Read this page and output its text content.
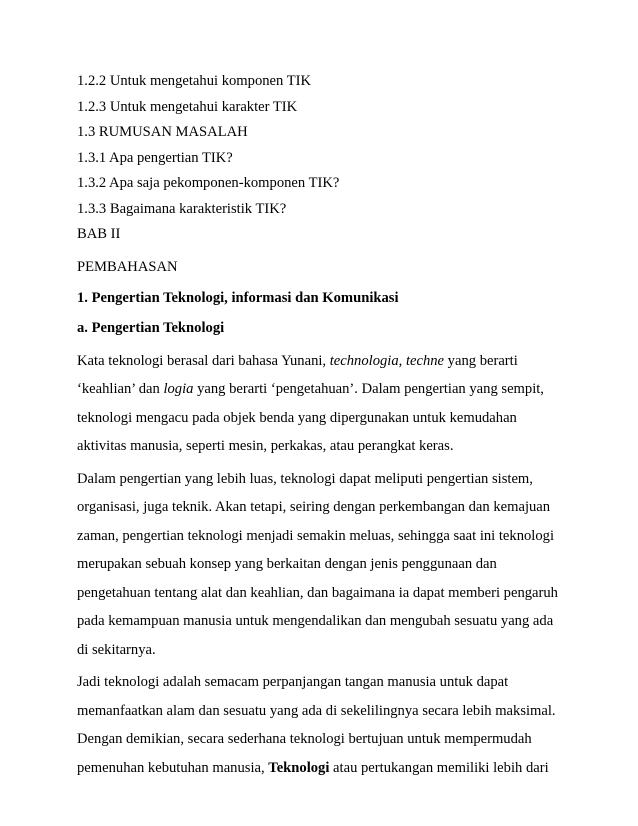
1.2.2 Untuk mengetahui komponen TIK
1.2.3 Untuk mengetahui karakter TIK
1.3 RUMUSAN MASALAH
1.3.1 Apa pengertian TIK?
1.3.2 Apa saja pekomponen-komponen TIK?
1.3.3 Bagaimana karakteristik TIK?
BAB II
PEMBAHASAN
1. Pengertian Teknologi, informasi dan Komunikasi
a. Pengertian Teknologi
Kata teknologi berasal dari bahasa Yunani, technologia, techne yang berarti
‘keahlian’ dan logia yang berarti ‘pengetahuan’. Dalam pengertian yang sempit,
teknologi mengacu pada objek benda yang dipergunakan untuk kemudahan
aktivitas manusia, seperti mesin, perkakas, atau perangkat keras.
Dalam pengertian yang lebih luas, teknologi dapat meliputi pengertian sistem,
organisasi, juga teknik. Akan tetapi, seiring dengan perkembangan dan kemajuan
zaman, pengertian teknologi menjadi semakin meluas, sehingga saat ini teknologi
merupakan sebuah konsep yang berkaitan dengan jenis penggunaan dan
pengetahuan tentang alat dan keahlian, dan bagaimana ia dapat memberi pengaruh
pada kemampuan manusia untuk mengendalikan dan mengubah sesuatu yang ada
di sekitarnya.
Jadi teknologi adalah semacam perpanjangan tangan manusia untuk dapat
memanfaatkan alam dan sesuatu yang ada di sekelilingnya secara lebih maksimal.
Dengan demikian, secara sederhana teknologi bertujuan untuk mempermudah
pemenuhan kebutuhan manusia, Teknologi atau pertukangan memiliki lebih dari
